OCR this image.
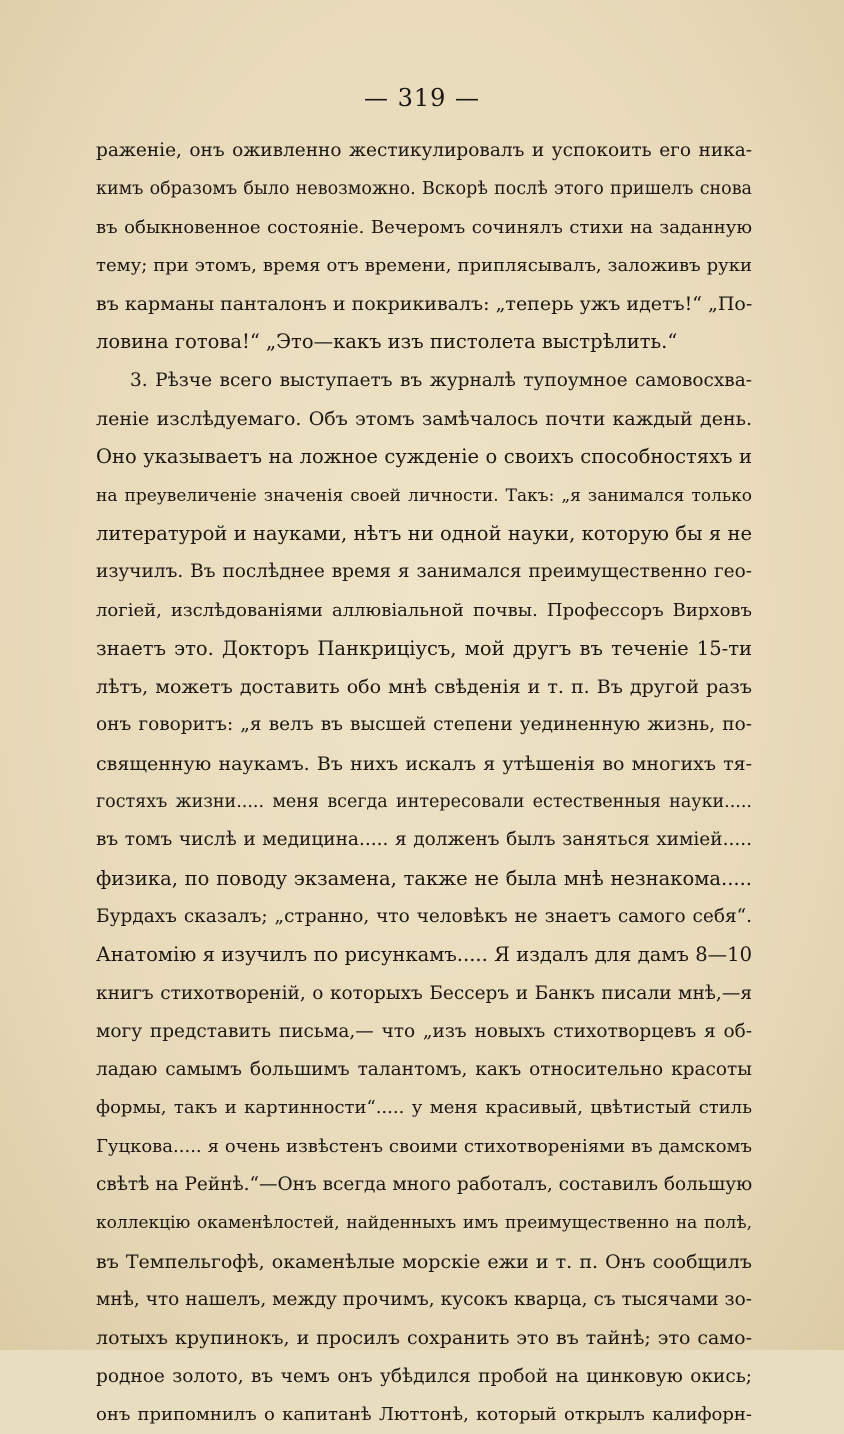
— 319 —
раженіе, онъ оживленно жестикулировалъ и успокоить его ника-
кимъ образомъ было невозможно. Вскорѣ послѣ этого пришелъ снова
въ обыкновенное состояніе. Вечеромъ сочинялъ стихи на заданную
тему; при этомъ, время отъ времени, приплясывалъ, заложивъ руки
въ карманы панталонъ и покрикивалъ: „теперь ужъ идетъ!“ „По-
ловина готова!“ „Это—какъ изъ пистолета выстрѣлить.“
3. Рѣзче всего выступаетъ въ журналѣ тупоумное самовосхва-
леніе изслѣдуемаго. Объ этомъ замѣчалось почти каждый день.
Оно указываетъ на ложное сужденіе о своихъ способностяхъ и
на преувеличеніе значенія своей личности. Такъ: „я занимался только
литературой и науками, нѣтъ ни одной науки, которую бы я не
изучилъ. Въ послѣднее время я занимался преимущественно гео-
логіей, изслѣдованіями аллювіальной почвы. Профессоръ Вирховъ
знаетъ это. Докторъ Панкриціусъ, мой другъ въ теченіе 15-ти
лѣтъ, можетъ доставить обо мнѣ свѣденія и т. п. Въ другой разъ
онъ говоритъ: „я велъ въ высшей степени уединенную жизнь, по-
священную наукамъ. Въ нихъ искалъ я утѣшенія во многихъ тя-
гостяхъ жизни..... меня всегда интересовали естественныя науки.....
въ томъ числѣ и медицина..... я долженъ былъ заняться химіей.....
физика, по поводу экзамена, также не была мнѣ незнакома.....
Бурдахъ сказалъ; „странно, что человѣкъ не знаетъ самого себя“.
Анатомію я изучилъ по рисункамъ..... Я издалъ для дамъ 8—10
книгъ стихотвореній, о которыхъ Бессеръ и Банкъ писали мнѣ,—я
могу представить письма,— что „изъ новыхъ стихотворцевъ я об-
ладаю самымъ большимъ талантомъ, какъ относительно красоты
формы, такъ и картинности“..... у меня красивый, цвѣтистый стиль
Гуцкова..... я очень извѣстенъ своими стихотвореніями въ дамскомъ
свѣтѣ на Рейнѣ.“—Онъ всегда много работалъ, составилъ большую
коллекцію окаменѣлостей, найденныхъ имъ преимущественно на полѣ,
въ Темпельгофѣ, окаменѣлые морскіе ежи и т. п. Онъ сообщилъ
мнѣ, что нашелъ, между прочимъ, кусокъ кварца, съ тысячами зо-
лотыхъ крупинокъ, и просилъ сохранить это въ тайнѣ; это само-
родное золото, въ чемъ онъ убѣдился пробой на цинковую окись;
онъ припомнилъ о капитанѣ Люттонѣ, который открылъ калифорн-
